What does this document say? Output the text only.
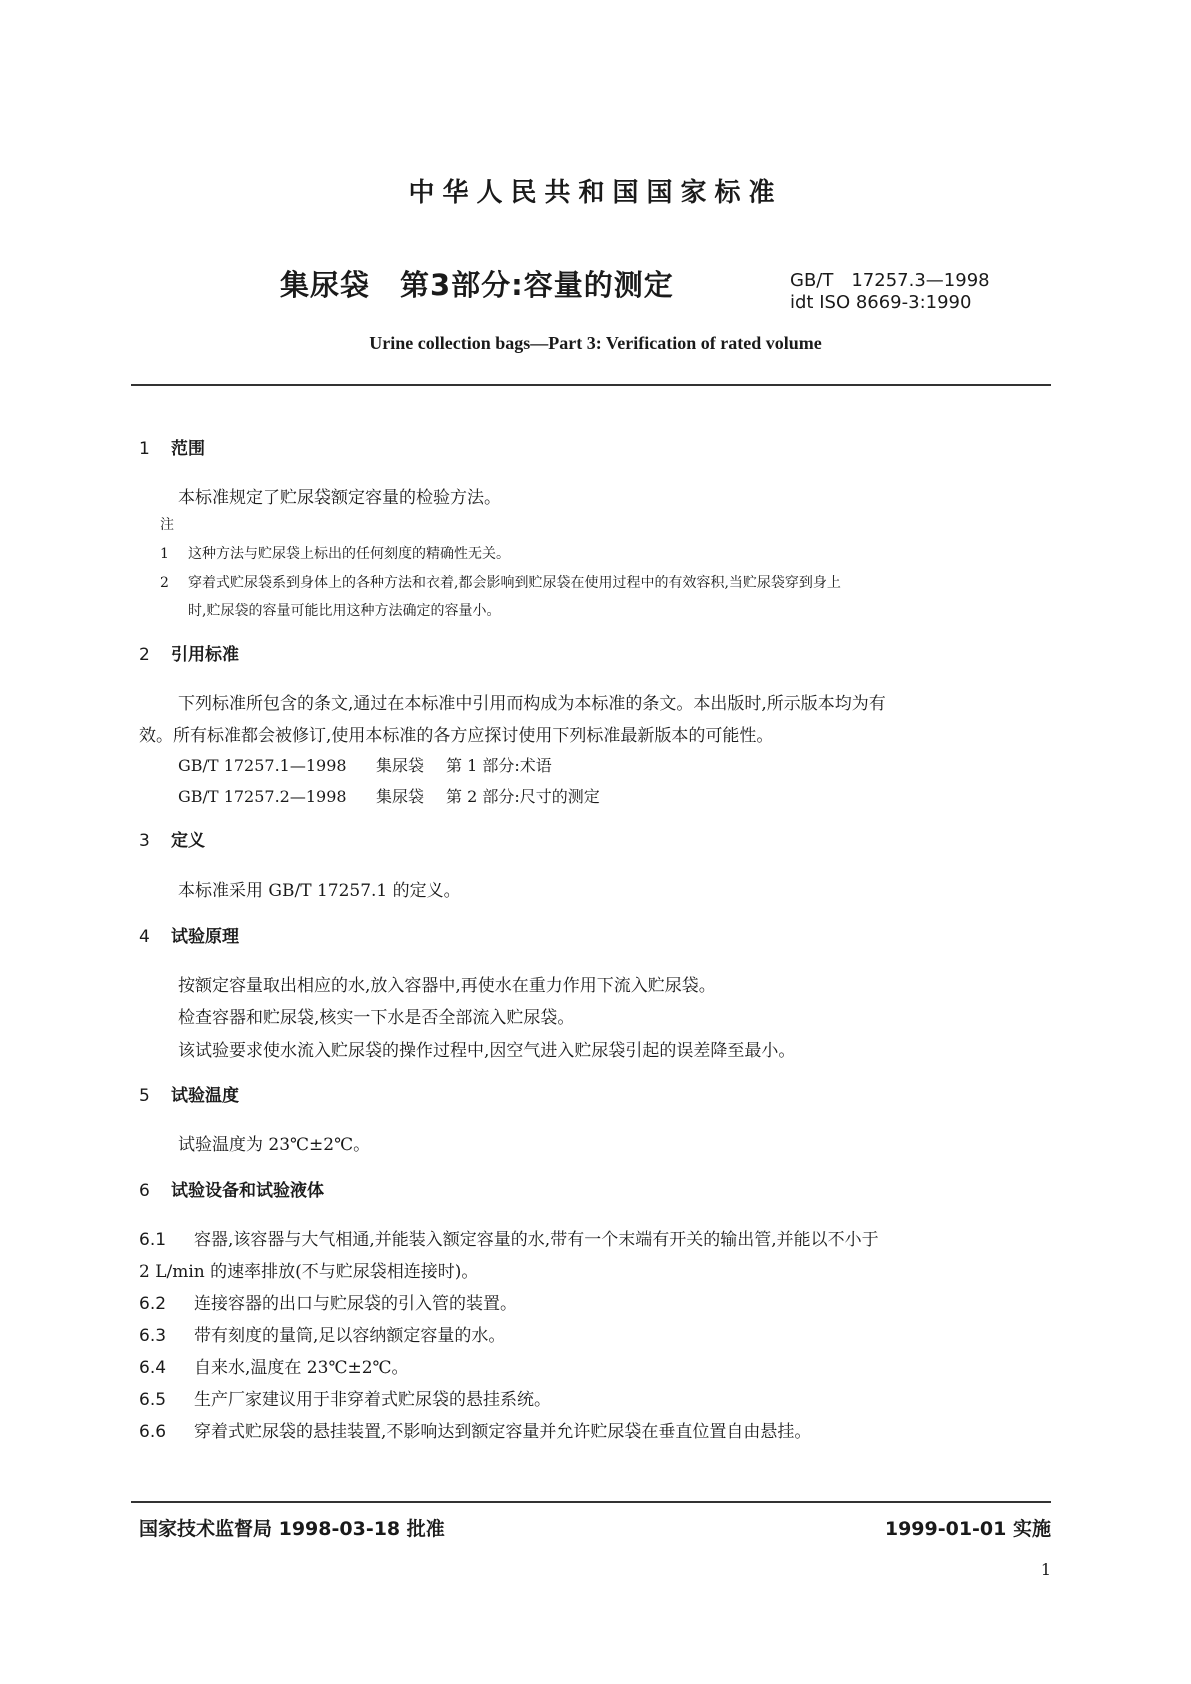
中华人民共和国国家标准
集尿袋　第3部分:容量的测定	GB/T　17257.3—1998
idt ISO 8669-3:1990
Urine collection bags—Part 3: Verification of rated volume
1 范围
本标准规定了贮尿袋额定容量的检验方法。
注
1 这种方法与贮尿袋上标出的任何刻度的精确性无关。
2 穿着式贮尿袋系到身体上的各种方法和衣着,都会影响到贮尿袋在使用过程中的有效容积,当贮尿袋穿到身上
时,贮尿袋的容量可能比用这种方法确定的容量小。
2 引用标准
下列标准所包含的条文,通过在本标准中引用而构成为本标准的条文。本出版时,所示版本均为有
效。所有标准都会被修订,使用本标准的各方应探讨使用下列标准最新版本的可能性。
GB/T 17257.1—1998 集尿袋 第 1 部分:术语
GB/T 17257.2—1998 集尿袋 第 2 部分:尺寸的测定
3 定义
本标准采用 GB/T 17257.1 的定义。
4 试验原理
按额定容量取出相应的水,放入容器中,再使水在重力作用下流入贮尿袋。
检查容器和贮尿袋,核实一下水是否全部流入贮尿袋。
该试验要求使水流入贮尿袋的操作过程中,因空气进入贮尿袋引起的误差降至最小。
5 试验温度
试验温度为 23℃±2℃。
6 试验设备和试验液体
6.1 容器,该容器与大气相通,并能装入额定容量的水,带有一个末端有开关的输出管,并能以不小于
2 L/min 的速率排放(不与贮尿袋相连接时)。
6.2 连接容器的出口与贮尿袋的引入管的装置。
6.3 带有刻度的量筒,足以容纳额定容量的水。
6.4 自来水,温度在 23℃±2℃。
6.5 生产厂家建议用于非穿着式贮尿袋的悬挂系统。
6.6 穿着式贮尿袋的悬挂装置,不影响达到额定容量并允许贮尿袋在垂直位置自由悬挂。
国家技术监督局 1998-03-18 批准	1999-01-01 实施
1
